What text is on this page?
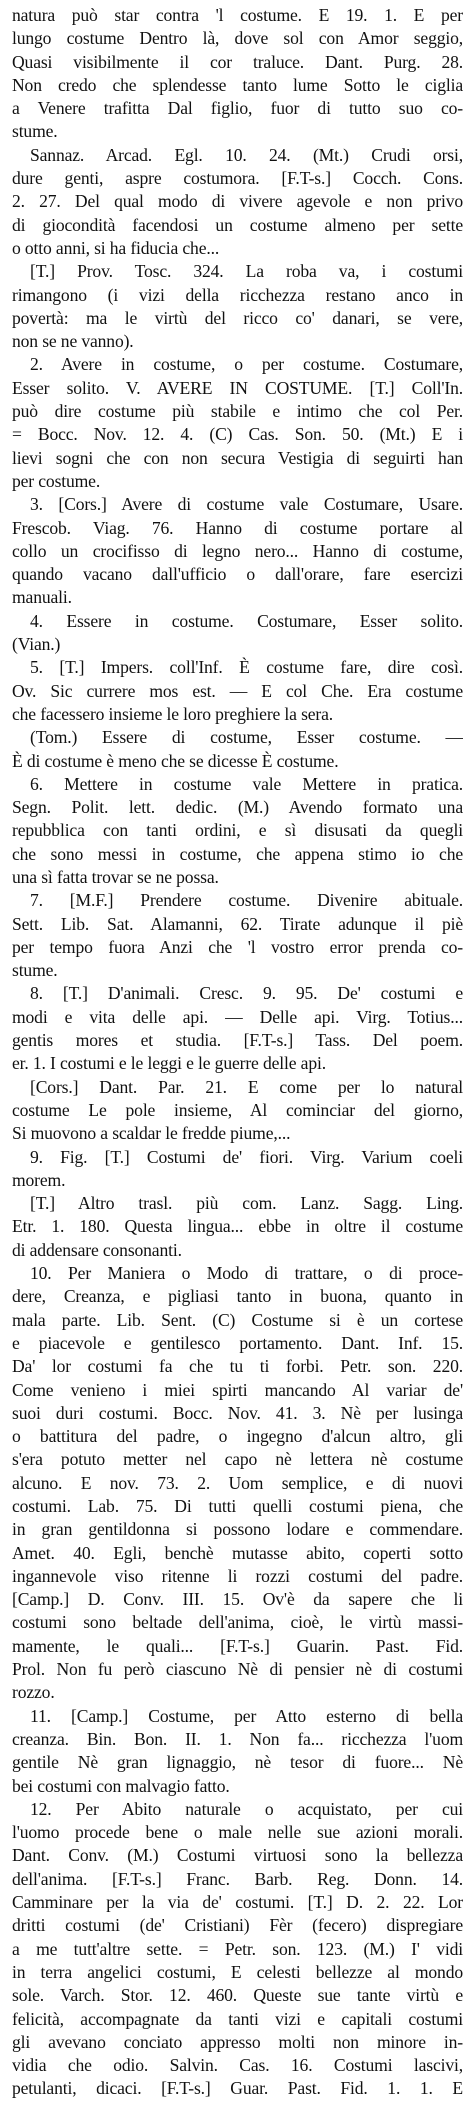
natura può star contra 'l costume. E 19. 1. E per
lungo costume Dentro là, dove sol con Amor seggio,
Quasi visibilmente il cor traluce. Dant. Purg. 28.
Non credo che splendesse tanto lume Sotto le ciglia
a Venere trafitta Dal figlio, fuor di tutto suo co-
stume.
Sannaz. Arcad. Egl. 10. 24. (Mt.) Crudi orsi,
dure genti, aspre costumora. [F.T-s.] Cocch. Cons.
2. 27. Del qual modo di vivere agevole e non privo
di giocondità facendosi un costume almeno per sette
o otto anni, si ha fiducia che...
[T.] Prov. Tosc. 324. La roba va, i costumi
rimangono (i vizi della ricchezza restano anco in
povertà: ma le virtù del ricco co' danari, se vere,
non se ne vanno).
2. Avere in costume, o per costume. Costumare,
Esser solito. V. AVERE IN COSTUME. [T.] Coll'In.
può dire costume più stabile e intimo che col Per.
= Bocc. Nov. 12. 4. (C) Cas. Son. 50. (Mt.) E i
lievi sogni che con non secura Vestigia di seguirti han
per costume.
3. [Cors.] Avere di costume vale Costumare, Usare.
Frescob. Viag. 76. Hanno di costume portare al
collo un crocifisso di legno nero... Hanno di costume,
quando vacano dall'ufficio o dall'orare, fare esercizi
manuali.
4. Essere in costume. Costumare, Esser solito.
(Vian.)
5. [T.] Impers. coll'Inf. È costume fare, dire così.
Ov. Sic currere mos est. — E col Che. Era costume
che facessero insieme le loro preghiere la sera.
(Tom.) Essere di costume, Esser costume. —
È di costume è meno che se dicesse È costume.
6. Mettere in costume vale Mettere in pratica.
Segn. Polit. lett. dedic. (M.) Avendo formato una
repubblica con tanti ordini, e sì disusati da quegli
che sono messi in costume, che appena stimo io che
una sì fatta trovar se ne possa.
7. [M.F.] Prendere costume. Divenire abituale.
Sett. Lib. Sat. Alamanni, 62. Tirate adunque il piè
per tempo fuora Anzi che 'l vostro error prenda co-
stume.
8. [T.] D'animali. Cresc. 9. 95. De' costumi e
modi e vita delle api. — Delle api. Virg. Totius...
gentis mores et studia. [F.T-s.] Tass. Del poem.
er. 1. I costumi e le leggi e le guerre delle api.
[Cors.] Dant. Par. 21. E come per lo natural
costume Le pole insieme, Al cominciar del giorno,
Si muovono a scaldar le fredde piume,...
9. Fig. [T.] Costumi de' fiori. Virg. Varium coeli
morem.
[T.] Altro trasl. più com. Lanz. Sagg. Ling.
Etr. 1. 180. Questa lingua... ebbe in oltre il costume
di addensare consonanti.
10. Per Maniera o Modo di trattare, o di proce-
dere, Creanza, e pigliasi tanto in buona, quanto in
mala parte. Lib. Sent. (C) Costume si è un cortese
e piacevole e gentilesco portamento. Dant. Inf. 15.
Da' lor costumi fa che tu ti forbi. Petr. son. 220.
Come venieno i miei spirti mancando Al variar de'
suoi duri costumi. Bocc. Nov. 41. 3. Nè per lusinga
o battitura del padre, o ingegno d'alcun altro, gli
s'era potuto metter nel capo nè lettera nè costume
alcuno. E nov. 73. 2. Uom semplice, e di nuovi
costumi. Lab. 75. Di tutti quelli costumi piena, che
in gran gentildonna si possono lodare e commendare.
Amet. 40. Egli, benchè mutasse abito, coperti sotto
ingannevole viso ritenne li rozzi costumi del padre.
[Camp.] D. Conv. III. 15. Ov'è da sapere che li
costumi sono beltade dell'anima, cioè, le virtù massi-
mamente, le quali... [F.T-s.] Guarin. Past. Fid.
Prol. Non fu però ciascuno Nè di pensier nè di costumi
rozzo.
11. [Camp.] Costume, per Atto esterno di bella
creanza. Bin. Bon. II. 1. Non fa... ricchezza l'uom
gentile Nè gran lignaggio, nè tesor di fuore... Nè
bei costumi con malvagio fatto.
12. Per Abito naturale o acquistato, per cui
l'uomo procede bene o male nelle sue azioni morali.
Dant. Conv. (M.) Costumi virtuosi sono la bellezza
dell'anima. [F.T-s.] Franc. Barb. Reg. Donn. 14.
Camminare per la via de' costumi. [T.] D. 2. 22. Lor
dritti costumi (de' Cristiani) Fèr (fecero) dispregiare
a me tutt'altre sette. = Petr. son. 123. (M.) I' vidi
in terra angelici costumi, E celesti bellezze al mondo
sole. Varch. Stor. 12. 460. Queste sue tante virtù e
felicità, accompagnate da tanti vizi e capitali costumi
gli avevano conciato appresso molti non minore in-
vidia che odio. Salvin. Cas. 16. Costumi lascivi,
petulanti, dicaci. [F.T-s.] Guar. Past. Fid. 1. 1. E
